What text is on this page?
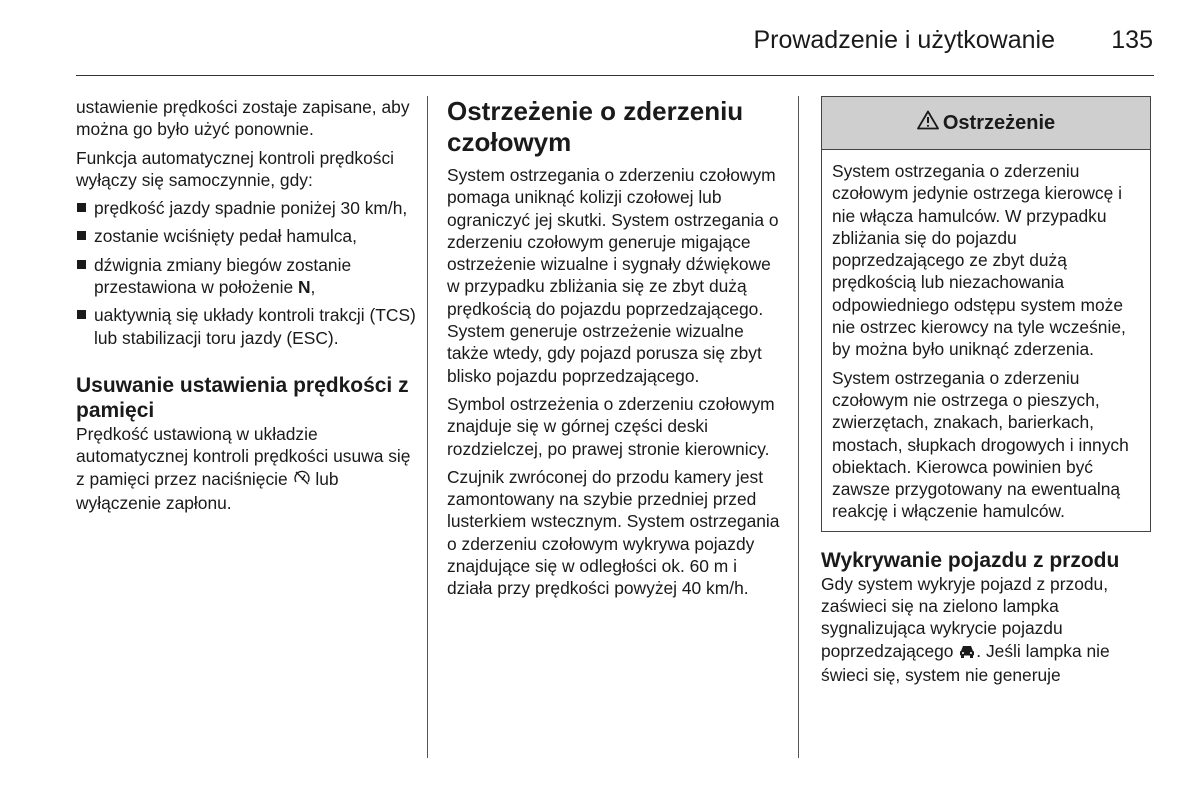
Prowadzenie i użytkowanie	135

ustawienie prędkości zostaje zapisane, aby można go było użyć ponownie.

Funkcja automatycznej kontroli prędkości wyłączy się samoczynnie, gdy:

prędkość jazdy spadnie poniżej 30 km/h,
zostanie wciśnięty pedał hamulca,
dźwignia zmiany biegów zostanie przestawiona w położenie N,
uaktywnią się układy kontroli trakcji (TCS) lub stabilizacji toru jazdy (ESC).
Usuwanie ustawienia prędkości z pamięci

Prędkość ustawioną w układzie automatycznej kontroli prędkości usuwa się z pamięci przez naciśnięcie  lub wyłączenie zapłonu.

Ostrzeżenie o zderzeniu czołowym

System ostrzegania o zderzeniu czołowym pomaga uniknąć kolizji czołowej lub ograniczyć jej skutki. System ostrzegania o zderzeniu czołowym generuje migające ostrzeżenie wizualne i sygnały dźwiękowe w przypadku zbliżania się ze zbyt dużą prędkością do pojazdu poprzedzającego. System generuje ostrzeżenie wizualne także wtedy, gdy pojazd porusza się zbyt blisko pojazdu poprzedzającego.

Symbol ostrzeżenia o zderzeniu czołowym znajduje się w górnej części deski rozdzielczej, po prawej stronie kierownicy.

Czujnik zwróconej do przodu kamery jest zamontowany na szybie przedniej przed lusterkiem wstecznym. System ostrzegania o zderzeniu czołowym wykrywa pojazdy znajdujące się w odległości ok. 60 m i działa przy prędkości powyżej 40 km/h.

Ostrzeżenie

System ostrzegania o zderzeniu czołowym jedynie ostrzega kierowcę i nie włącza hamulców. W przypadku zbliżania się do pojazdu poprzedzającego ze zbyt dużą prędkością lub niezachowania odpowiedniego odstępu system może nie ostrzec kierowcy na tyle wcześnie, by można było uniknąć zderzenia.

System ostrzegania o zderzeniu czołowym nie ostrzega o pieszych, zwierzętach, znakach, barierkach, mostach, słupkach drogowych i innych obiektach. Kierowca powinien być zawsze przygotowany na ewentualną reakcję i włączenie hamulców.

Wykrywanie pojazdu z przodu

Gdy system wykryje pojazd z przodu, zaświeci się na zielono lampka sygnalizująca wykrycie pojazdu poprzedzającego . Jeśli lampka nie świeci się, system nie generuje
